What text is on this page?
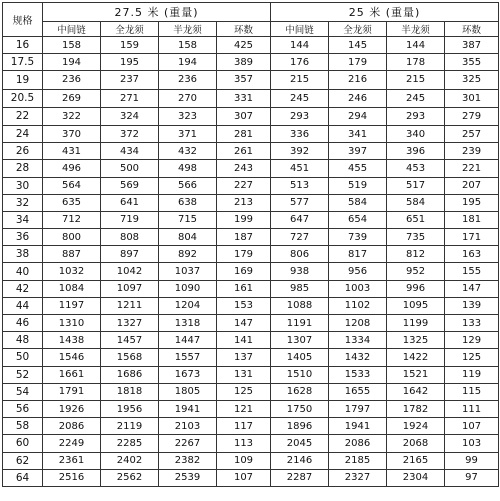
规格	27.5 米 (重量)				25 米 (重量)			
	中间链	全龙须	半龙须	环数	中间链	全龙须	半龙须	环数
16	158	159	158	425	144	145	144	387
17.5	194	195	194	389	176	179	178	355
19	236	237	236	357	215	216	215	325
20.5	269	271	270	331	245	246	245	301
22	322	324	323	307	293	294	293	279
24	370	372	371	281	336	341	340	257
26	431	434	432	261	392	397	396	239
28	496	500	498	243	451	455	453	221
30	564	569	566	227	513	519	517	207
32	635	641	638	213	577	584	584	195
34	712	719	715	199	647	654	651	181
36	800	808	804	187	727	739	735	171
38	887	897	892	179	806	817	812	163
40	1032	1042	1037	169	938	956	952	155
42	1084	1097	1090	161	985	1003	996	147
44	1197	1211	1204	153	1088	1102	1095	139
46	1310	1327	1318	147	1191	1208	1199	133
48	1438	1457	1447	141	1307	1334	1325	129
50	1546	1568	1557	137	1405	1432	1422	125
52	1661	1686	1673	131	1510	1533	1521	119
54	1791	1818	1805	125	1628	1655	1642	115
56	1926	1956	1941	121	1750	1797	1782	111
58	2086	2119	2103	117	1896	1941	1924	107
60	2249	2285	2267	113	2045	2086	2068	103
62	2361	2402	2382	109	2146	2185	2165	99
64	2516	2562	2539	107	2287	2327	2304	97
